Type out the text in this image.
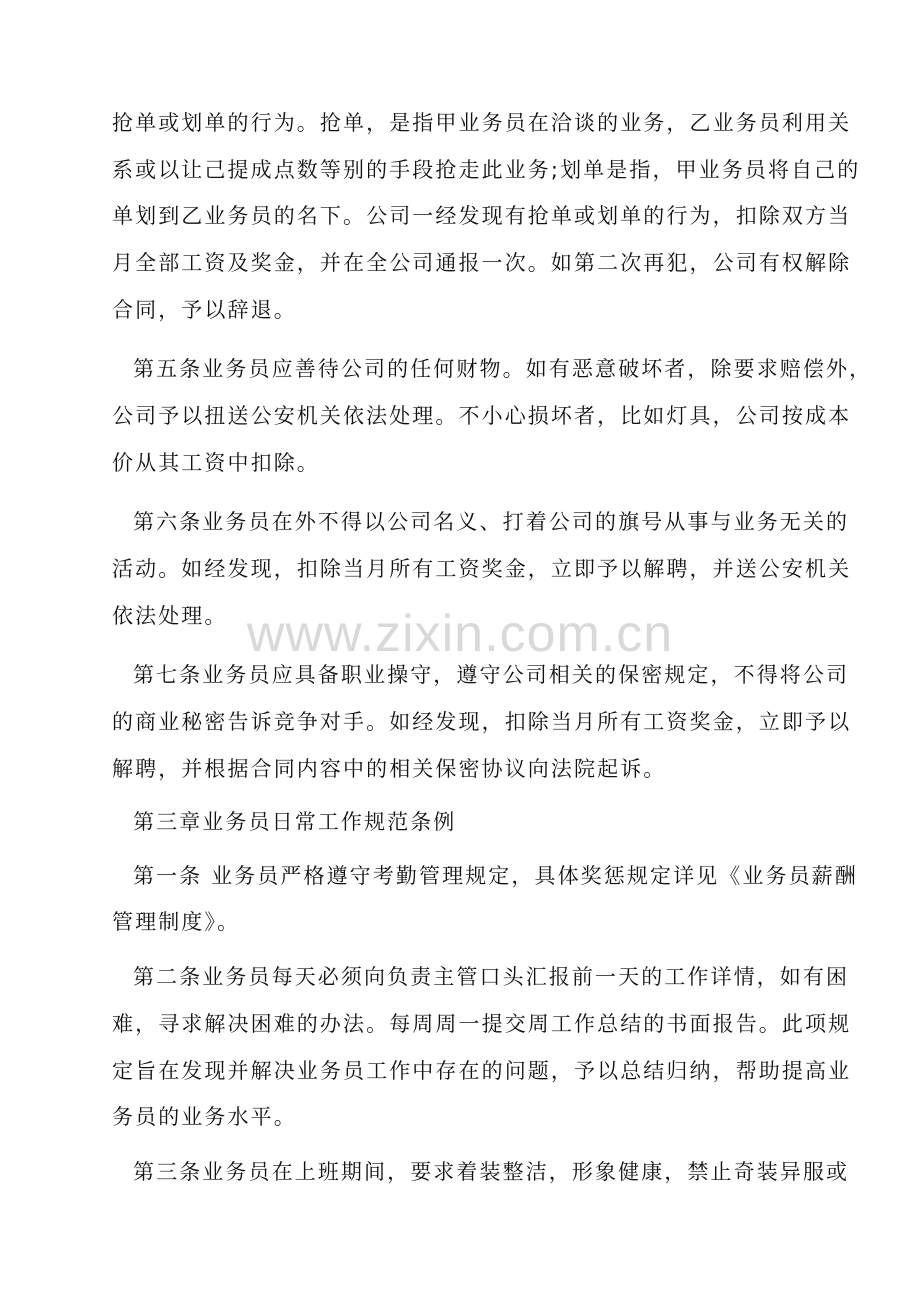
www.zixin.com.cn
抢单或划单的行为。抢单，是指甲业务员在洽谈的业务，乙业务员利用关
系或以让己提成点数等别的手段抢走此业务;划单是指，甲业务员将自己的
单划到乙业务员的名下。公司一经发现有抢单或划单的行为，扣除双方当
月全部工资及奖金，并在全公司通报一次。如第二次再犯，公司有权解除
合同，予以辞退。
第五条业务员应善待公司的任何财物。如有恶意破坏者，除要求赔偿外，
公司予以扭送公安机关依法处理。不小心损坏者，比如灯具，公司按成本
价从其工资中扣除。
第六条业务员在外不得以公司名义、打着公司的旗号从事与业务无关的
活动。如经发现，扣除当月所有工资奖金，立即予以解聘，并送公安机关
依法处理。
第七条业务员应具备职业操守，遵守公司相关的保密规定，不得将公司
的商业秘密告诉竞争对手。如经发现，扣除当月所有工资奖金，立即予以
解聘，并根据合同内容中的相关保密协议向法院起诉。
第三章业务员日常工作规范条例
第一条 业务员严格遵守考勤管理规定，具体奖惩规定详见《业务员薪酬
管理制度》。
第二条业务员每天必须向负责主管口头汇报前一天的工作详情，如有困
难，寻求解决困难的办法。每周周一提交周工作总结的书面报告。此项规
定旨在发现并解决业务员工作中存在的问题，予以总结归纳，帮助提高业
务员的业务水平。
第三条业务员在上班期间，要求着装整洁，形象健康，禁止奇装异服或
